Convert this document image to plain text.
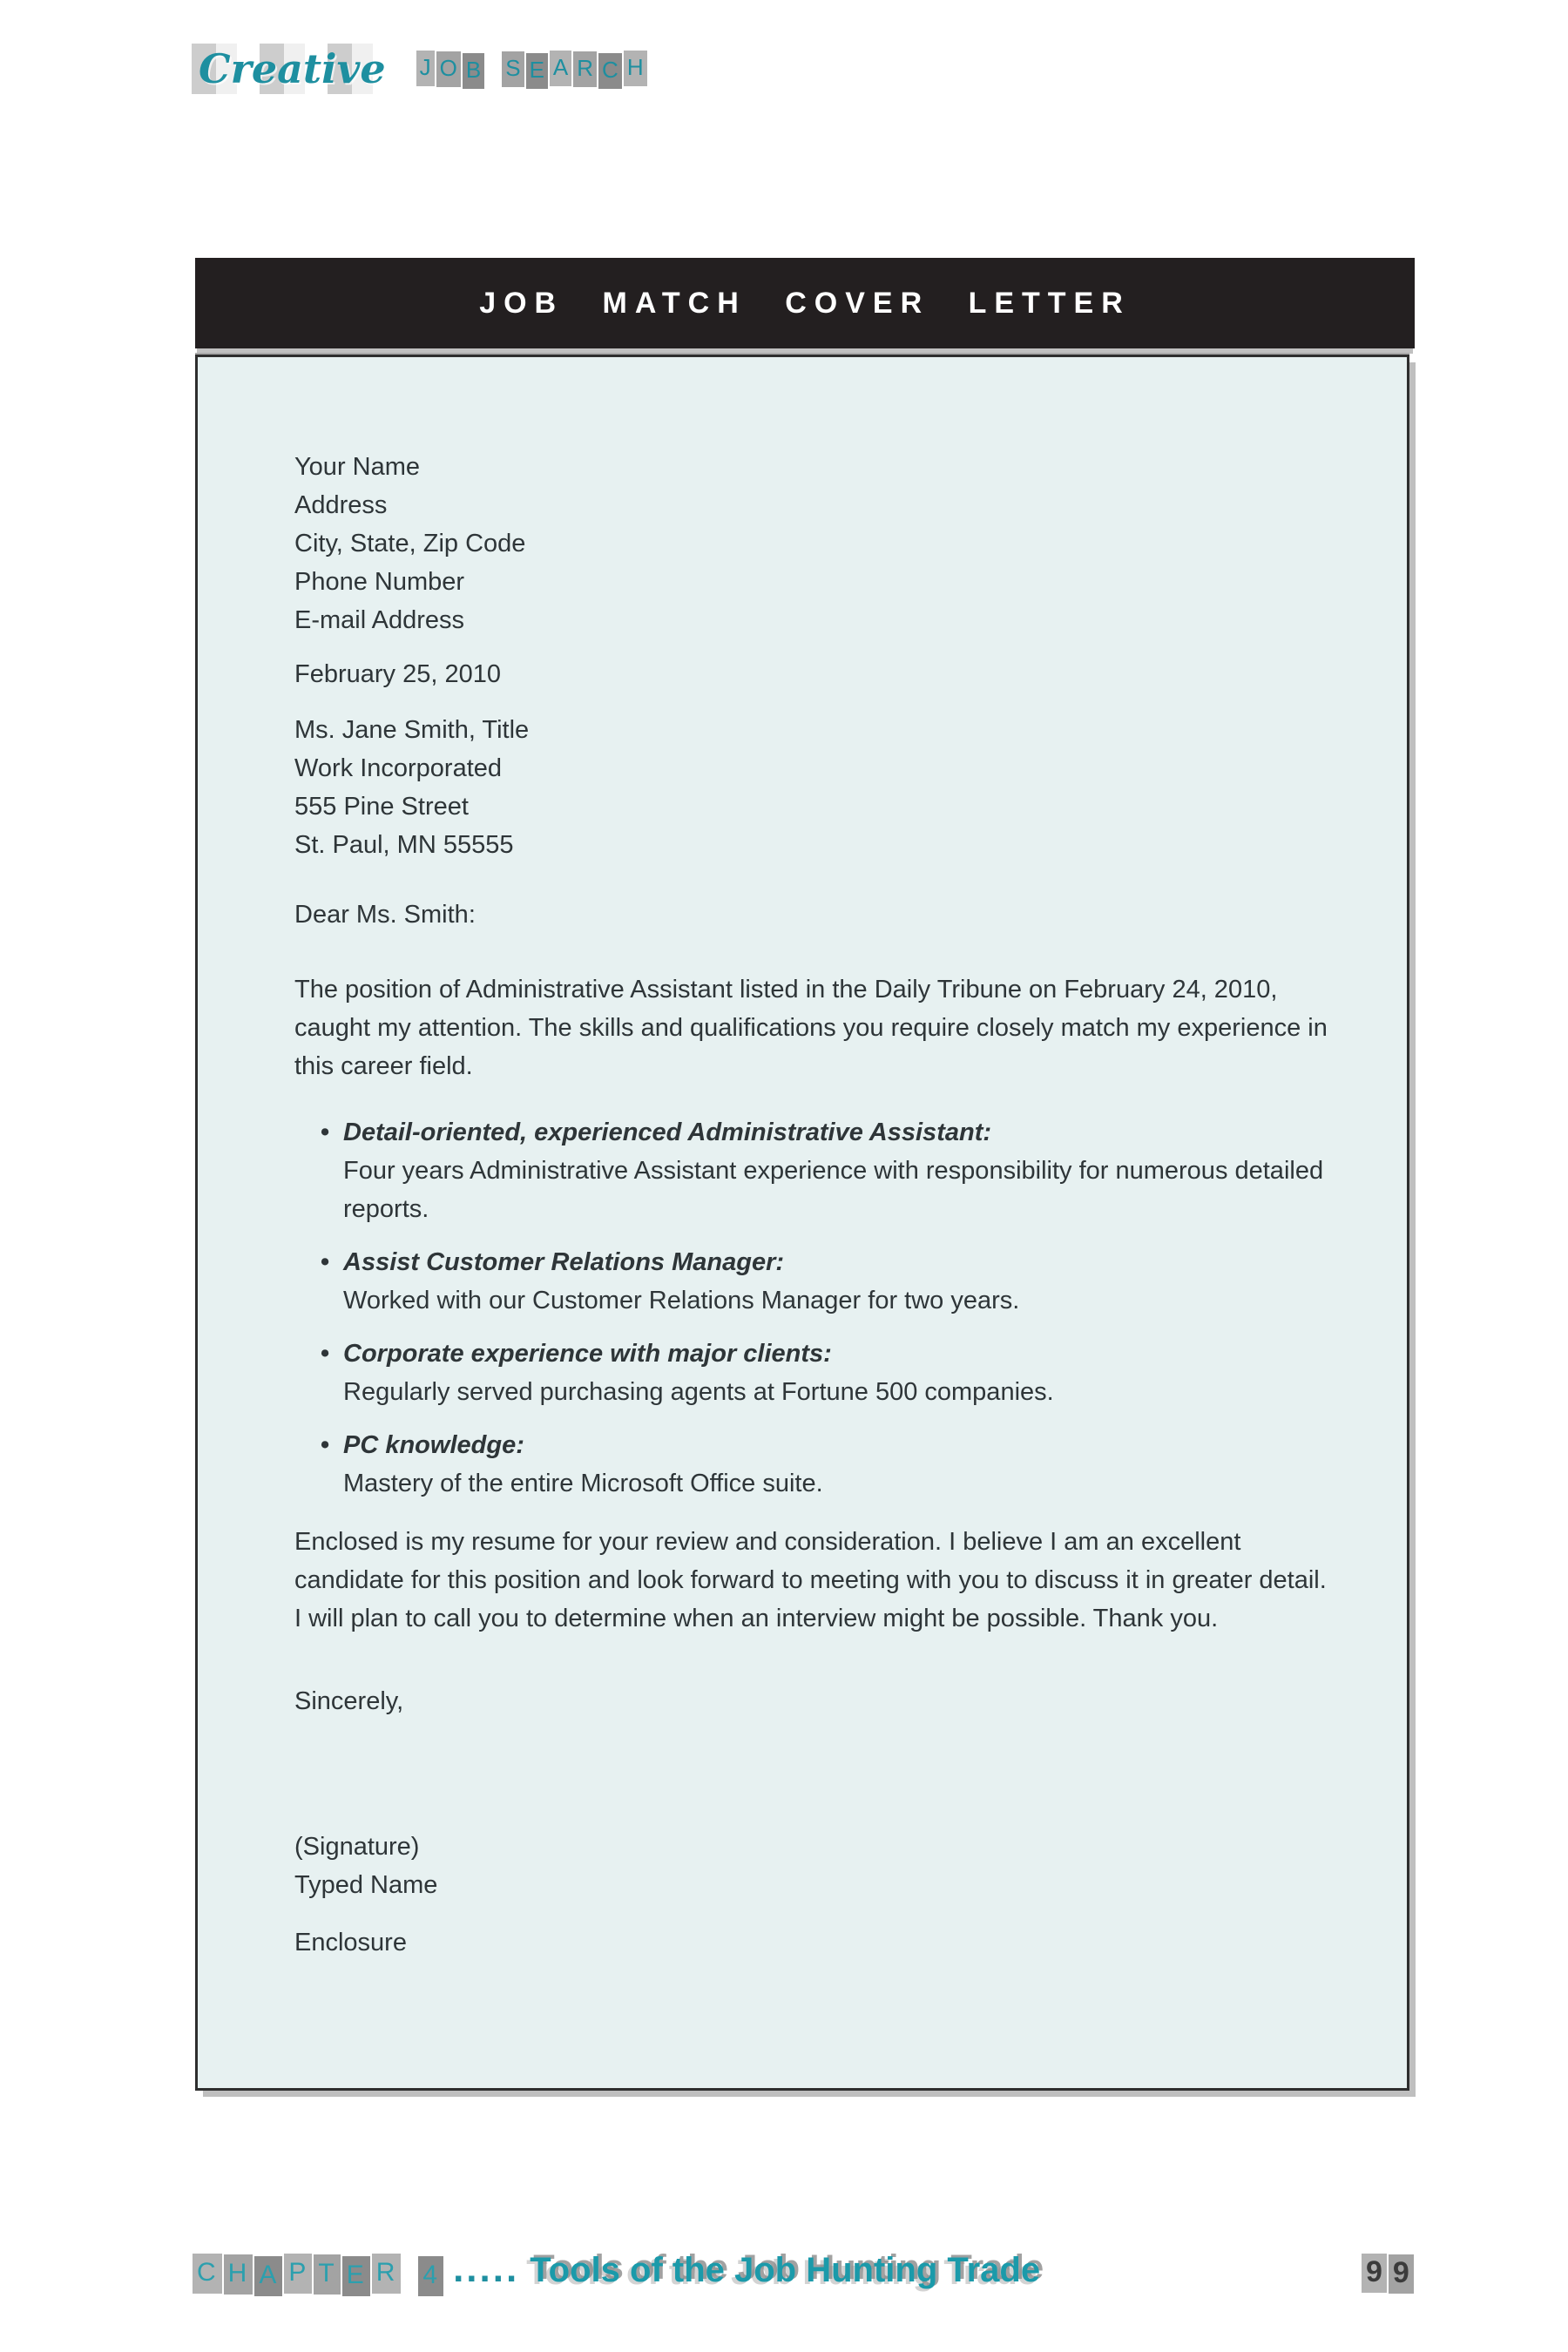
Creative	J O B S E A R C H
JOB MATCH COVER LETTER
Your Name
Address
City, State, Zip Code
Phone Number
E-mail Address
February 25, 2010
Ms. Jane Smith, Title
Work Incorporated
555 Pine Street
St. Paul, MN 55555
Dear Ms. Smith:

The position of Administrative Assistant listed in the Daily Tribune on February 24, 2010, caught my attention. The skills and qualifications you require closely match my experience in this career field.

• Detail-oriented, experienced Administrative Assistant:
Four years Administrative Assistant experience with responsibility for numerous detailed reports.
• Assist Customer Relations Manager:
Worked with our Customer Relations Manager for two years.
• Corporate experience with major clients:
Regularly served purchasing agents at Fortune 500 companies.
• PC knowledge:
Mastery of the entire Microsoft Office suite.

Enclosed is my resume for your review and consideration. I believe I am an excellent candidate for this position and look forward to meeting with you to discuss it in greater detail. I will plan to call you to determine when an interview might be possible. Thank you.

Sincerely,
(Signature)
Typed Name
Enclosure
C H A P T E R 4 ..... Tools of the Job Hunting Trade	9 9
